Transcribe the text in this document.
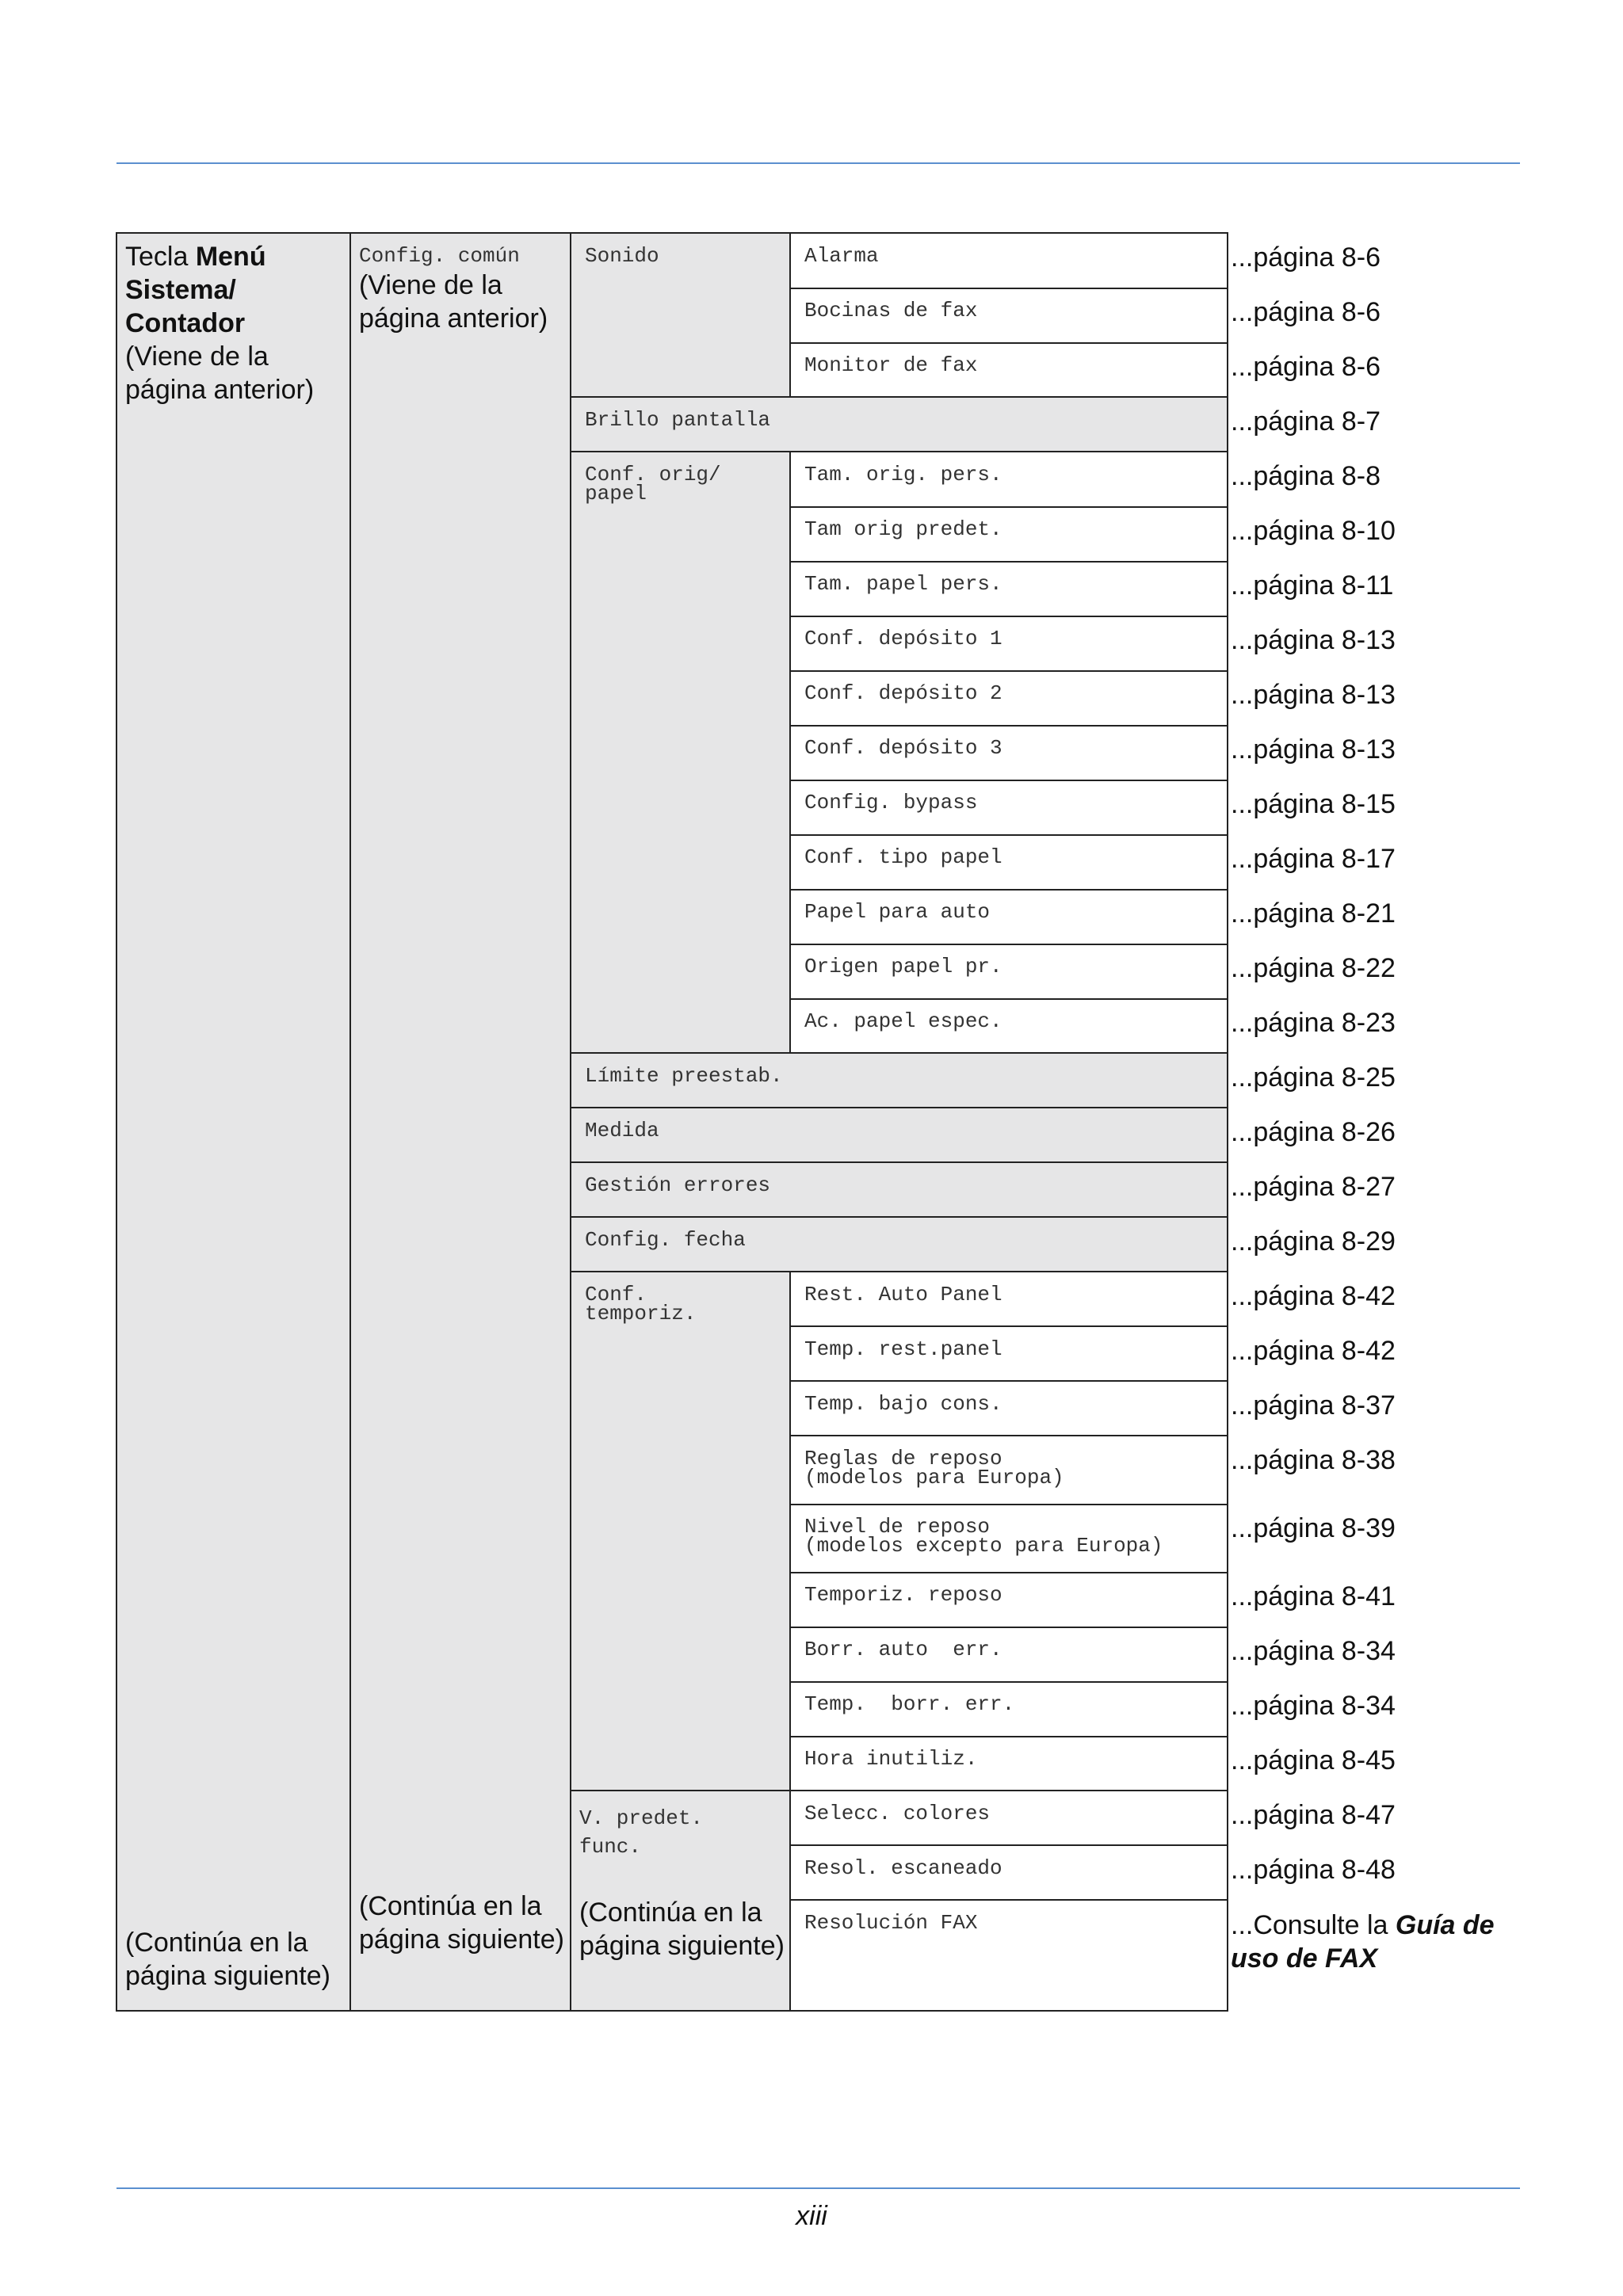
Tecla Menú
Sistema/
Contador
(Viene de la página anterior)
(Continúa en la página siguiente)
Config. común
(Viene de la página anterior)
(Continúa en la página siguiente)
Sonido
Brillo pantalla
Conf. orig/
papel
Límite preestab.
Medida
Gestión errores
Config. fecha
Conf.
temporiz.
V. predet.
func.
(Continúa en la página siguiente)
Alarma
Bocinas de fax
Monitor de fax
Tam. orig. pers.
Tam orig predet.
Tam. papel pers.
Conf. depósito 1
Conf. depósito 2
Conf. depósito 3
Config. bypass
Conf. tipo papel
Papel para auto
Origen papel pr.
Ac. papel espec.
Rest. Auto Panel
Temp. rest.panel
Temp. bajo cons.
Reglas de reposo
(modelos para Europa)
Nivel de reposo
(modelos excepto para Europa)
Temporiz. reposo
Borr. auto  err.
Temp.  borr. err.
Hora inutiliz.
Selecc. colores
Resol. escaneado
Resolución FAX
...página 8-6
...página 8-6
...página 8-6
...página 8-7
...página 8-8
...página 8-10
...página 8-11
...página 8-13
...página 8-13
...página 8-13
...página 8-15
...página 8-17
...página 8-21
...página 8-22
...página 8-23
...página 8-25
...página 8-26
...página 8-27
...página 8-29
...página 8-42
...página 8-42
...página 8-37
...página 8-38
...página 8-39
...página 8-41
...página 8-34
...página 8-34
...página 8-45
...página 8-47
...página 8-48
...Consulte la Guía de
uso de FAX
xiii
